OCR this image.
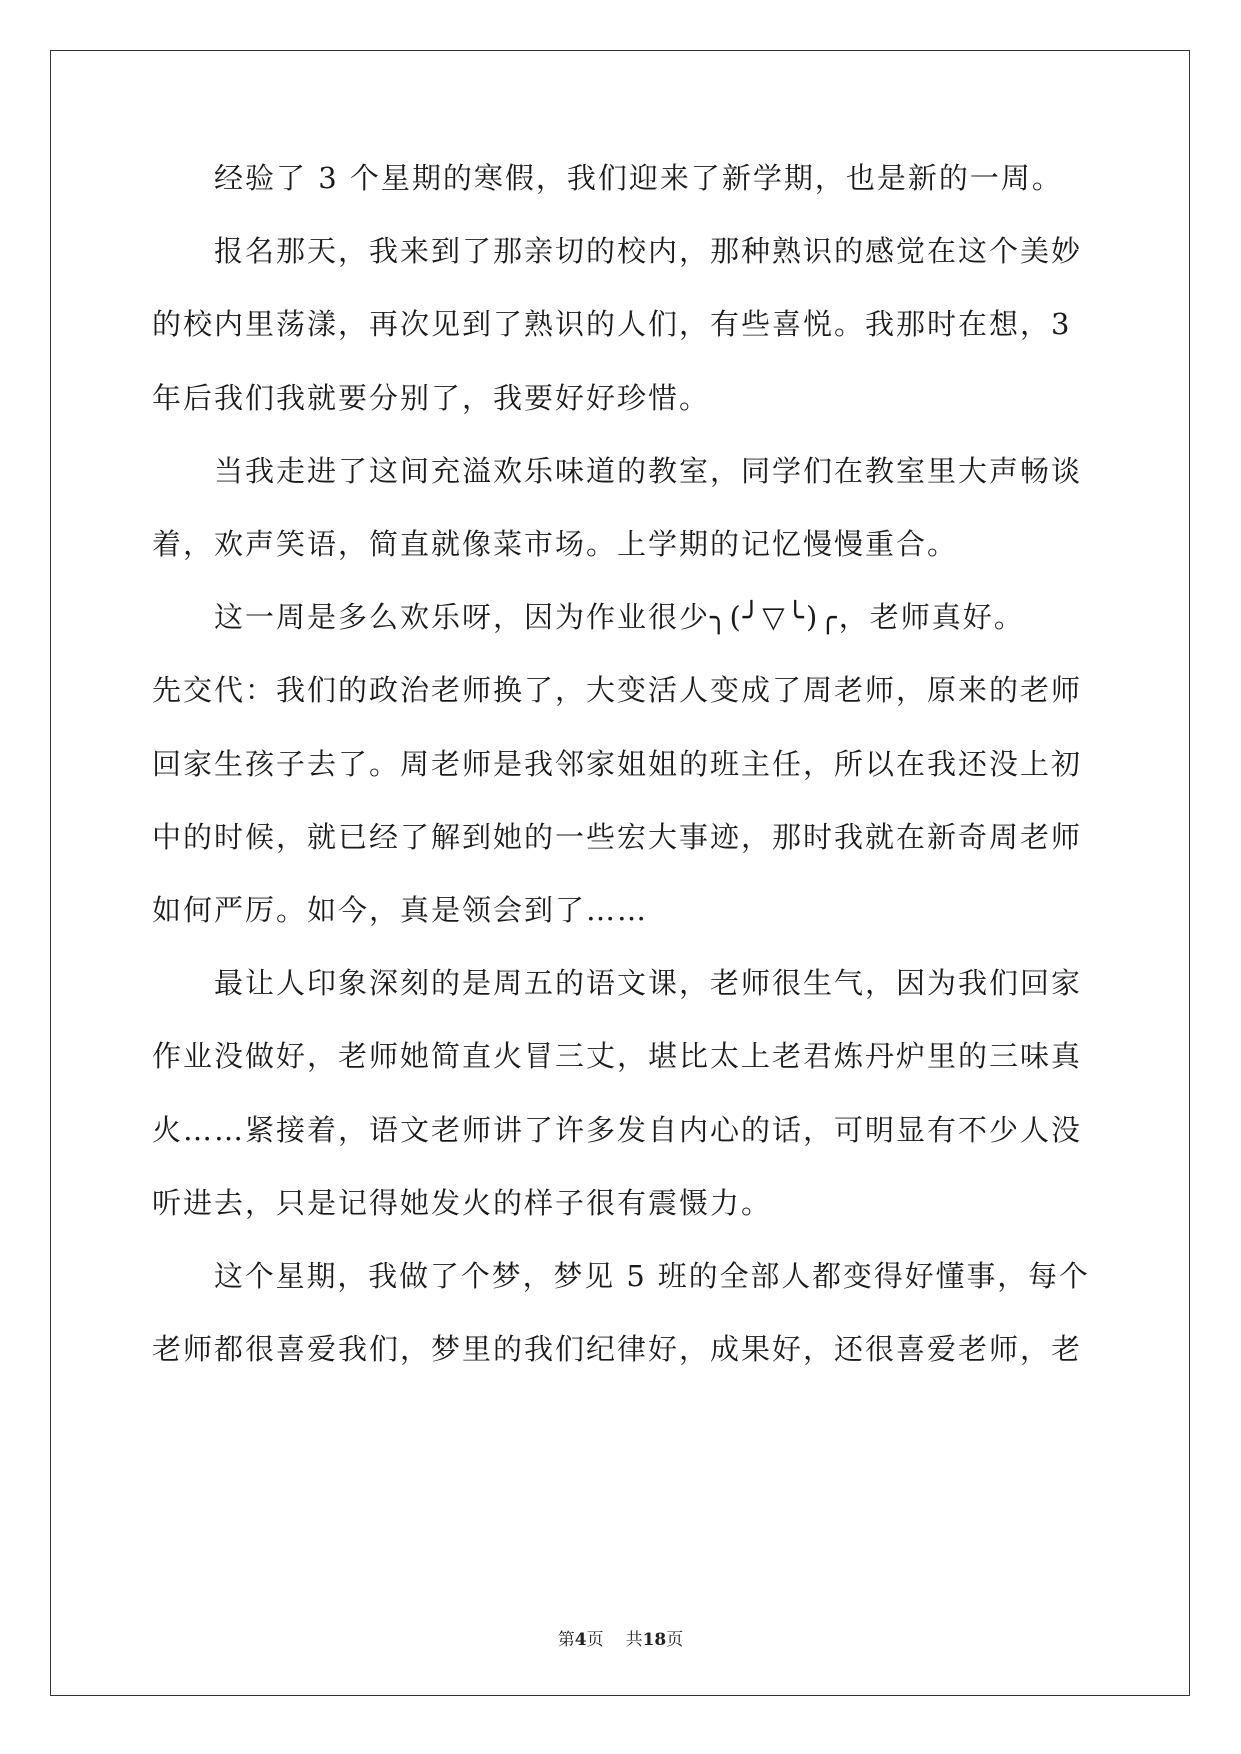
经验了 3 个星期的寒假，我们迎来了新学期，也是新的一周。
报名那天，我来到了那亲切的校内，那种熟识的感觉在这个美妙
的校内里荡漾，再次见到了熟识的人们，有些喜悦。我那时在想，3
年后我们我就要分别了，我要好好珍惜。
当我走进了这间充溢欢乐味道的教室，同学们在教室里大声畅谈
着，欢声笑语，简直就像菜市场。上学期的记忆慢慢重合。
这一周是多么欢乐呀，因为作业很少╮(╯▽╰)╭，老师真好。
先交代：我们的政治老师换了，大变活人变成了周老师，原来的老师
回家生孩子去了。周老师是我邻家姐姐的班主任，所以在我还没上初
中的时候，就已经了解到她的一些宏大事迹，那时我就在新奇周老师
如何严厉。如今，真是领会到了……
最让人印象深刻的是周五的语文课，老师很生气，因为我们回家
作业没做好，老师她简直火冒三丈，堪比太上老君炼丹炉里的三味真
火……紧接着，语文老师讲了许多发自内心的话，可明显有不少人没
听进去，只是记得她发火的样子很有震慑力。
这个星期，我做了个梦，梦见 5 班的全部人都变得好懂事，每个
老师都很喜爱我们，梦里的我们纪律好，成果好，还很喜爱老师，老
第4页 共18页
